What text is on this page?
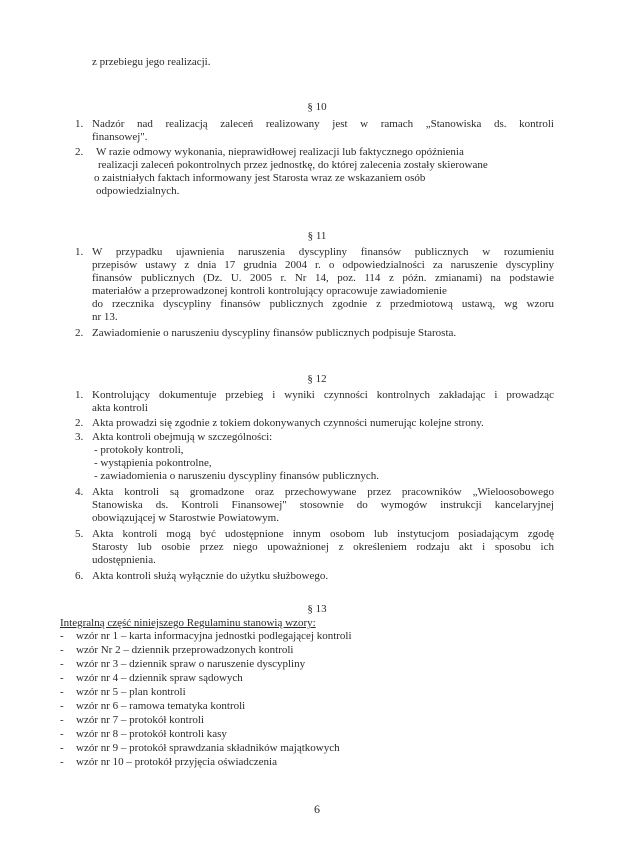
z przebiegu jego realizacji.
§ 10
1. Nadzór nad realizacją zaleceń realizowany jest w ramach „Stanowiska ds. kontroli
finansowej".
2. W razie odmowy wykonania, nieprawidłowej realizacji lub faktycznego opóźnienia
realizacji zaleceń pokontrolnych przez jednostkę, do której zalecenia zostały skierowane
o zaistniałych faktach informowany jest Starosta wraz ze wskazaniem osób
odpowiedzialnych.
§ 11
1. W przypadku ujawnienia naruszenia dyscypliny finansów publicznych w rozumieniu
przepisów ustawy z dnia 17 grudnia 2004 r. o odpowiedzialności za naruszenie dyscypliny
finansów publicznych (Dz. U. 2005 r. Nr 14, poz. 114 z późn. zmianami) na podstawie
materiałów a przeprowadzonej kontroli kontrolujący opracowuje zawiadomienie
do rzecznika dyscypliny finansów publicznych zgodnie z przedmiotową ustawą, wg wzoru
nr 13.
2. Zawiadomienie o naruszeniu dyscypliny finansów publicznych podpisuje Starosta.
§ 12
1. Kontrolujący dokumentuje przebieg i wyniki czynności kontrolnych zakładając i prowadząc
akta kontroli
2. Akta prowadzi się zgodnie z tokiem dokonywanych czynności numerując kolejne strony.
3. Akta kontroli obejmują w szczególności:
- protokoły kontroli,
- wystąpienia pokontrolne,
- zawiadomienia o naruszeniu dyscypliny finansów publicznych.
4. Akta kontroli są gromadzone oraz przechowywane przez pracowników „Wieloosobowego
Stanowiska ds. Kontroli Finansowej" stosownie do wymogów instrukcji kancelaryjnej
obowiązującej w Starostwie Powiatowym.
5. Akta kontroli mogą być udostępnione innym osobom lub instytucjom posiadającym zgodę
Starosty lub osobie przez niego upoważnionej z określeniem rodzaju akt i sposobu ich
udostępnienia.
6. Akta kontroli służą wyłącznie do użytku służbowego.
§ 13
Integralną część niniejszego Regulaminu stanowią wzory:
- wzór nr 1 – karta informacyjna jednostki podlegającej kontroli
- wzór Nr 2 – dziennik przeprowadzonych kontroli
- wzór nr 3 – dziennik spraw o naruszenie dyscypliny
- wzór nr 4 – dziennik spraw sądowych
- wzór nr 5 – plan kontroli
- wzór nr 6 – ramowa tematyka kontroli
- wzór nr 7 – protokół kontroli
- wzór nr 8 – protokół kontroli kasy
- wzór nr 9 – protokół sprawdzania składników majątkowych
- wzór nr 10 – protokół przyjęcia oświadczenia
6
